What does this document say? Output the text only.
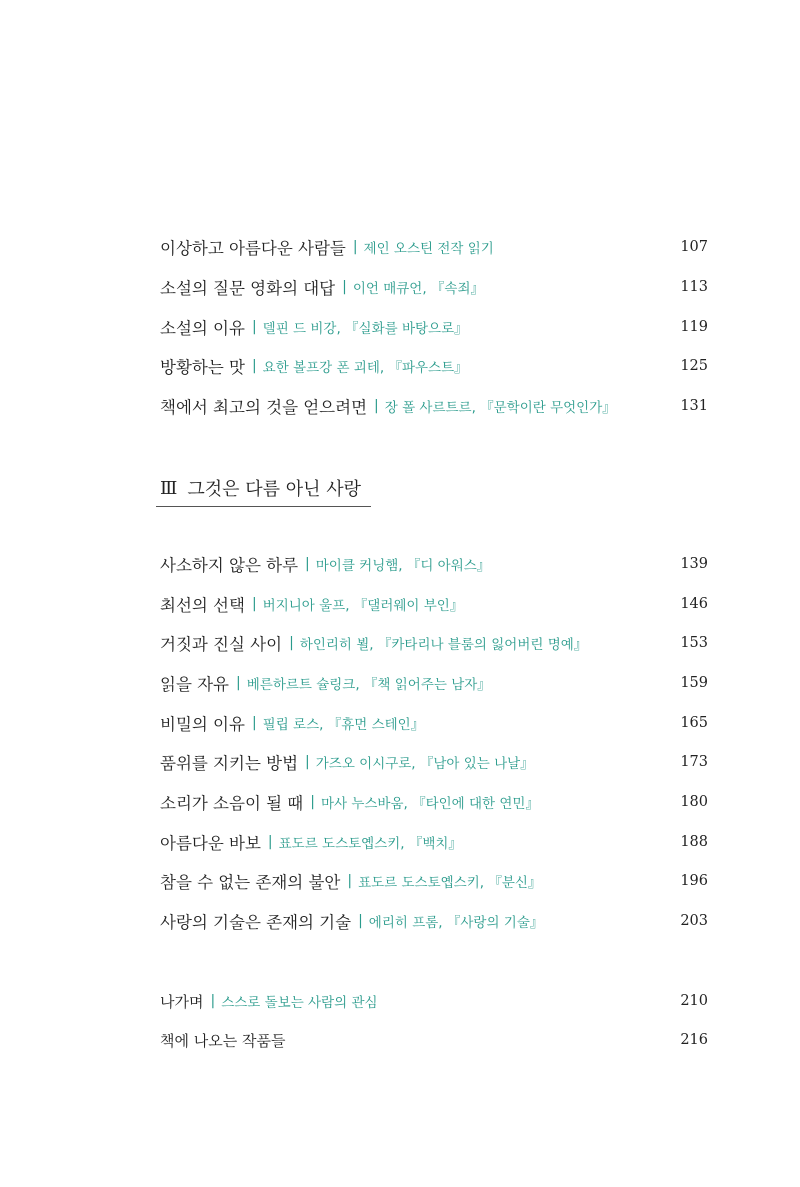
이상하고 아름다운 사람들 | 제인 오스틴 전작 읽기	107
소설의 질문 영화의 대답 | 이언 매큐언, 『속죄』	113
소설의 이유 | 델핀 드 비강, 『실화를 바탕으로』	119
방황하는 맛 | 요한 볼프강 폰 괴테, 『파우스트』	125
책에서 최고의 것을 얻으려면 | 장 폴 사르트르, 『문학이란 무엇인가』	131
사소하지 않은 하루 | 마이클 커닝햄, 『디 아워스』	139
최선의 선택 | 버지니아 울프, 『댈러웨이 부인』	146
거짓과 진실 사이 | 하인리히 뵐, 『카타리나 블룸의 잃어버린 명예』	153
읽을 자유 | 베른하르트 슐링크, 『책 읽어주는 남자』	159
비밀의 이유 | 필립 로스, 『휴먼 스테인』	165
품위를 지키는 방법 | 가즈오 이시구로, 『남아 있는 나날』	173
소리가 소음이 될 때 | 마사 누스바움, 『타인에 대한 연민』	180
아름다운 바보 | 표도르 도스토옙스키, 『백치』	188
참을 수 없는 존재의 불안 | 표도르 도스토옙스키, 『분신』	196
사랑의 기술은 존재의 기술 | 에리히 프롬, 『사랑의 기술』	203
나가며 | 스스로 돌보는 사람의 관심	210
책에 나오는 작품들	216
Ⅲ 그것은 다름 아닌 사랑
